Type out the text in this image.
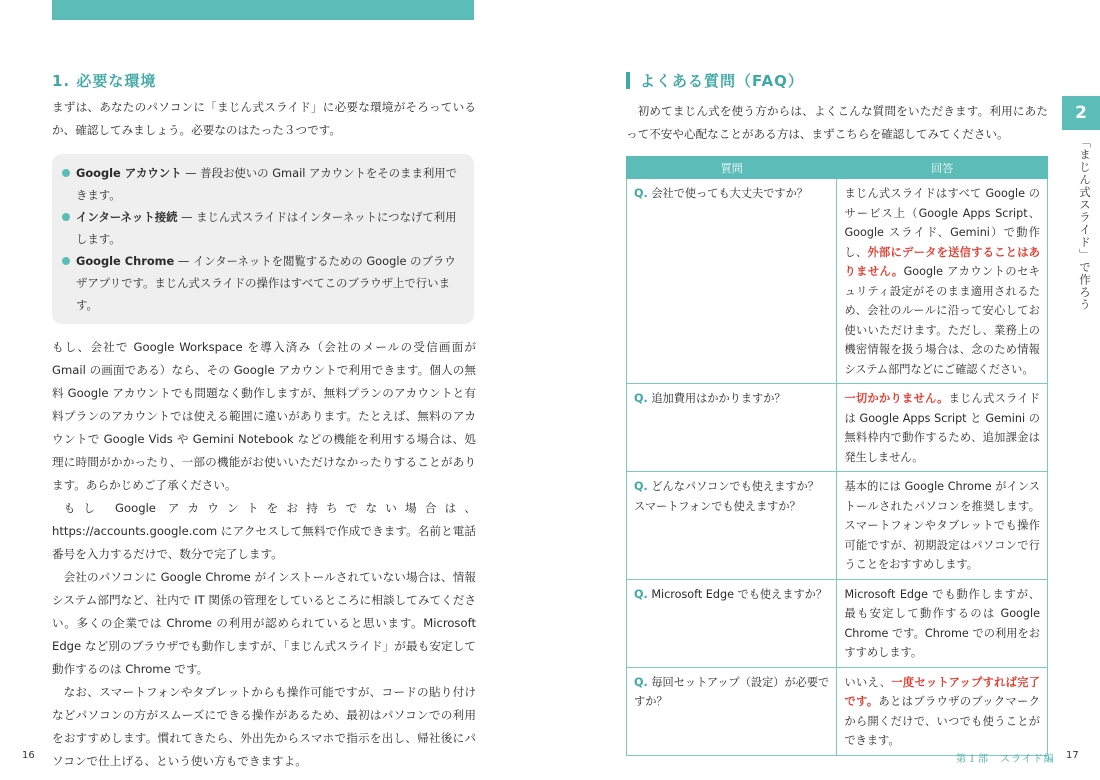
1. 必要な環境

まずは、あなたのパソコンに「まじん式スライド」に必要な環境がそろっているか、確認してみましょう。必要なのはたった３つです。

Google アカウント — 普段お使いの Gmail アカウントをそのまま利用できます。
インターネット接続 — まじん式スライドはインターネットにつなげて利用します。
Google Chrome — インターネットを閲覧するための Google のブラウザアプリです。まじん式スライドの操作はすべてこのブラウザ上で行います。

もし、会社で Google Workspace を導入済み（会社のメールの受信画面が Gmail の画面である）なら、その Google アカウントで利用できます。個人の無料 Google アカウントでも問題なく動作しますが、無料プランのアカウントと有料プランのアカウントでは使える範囲に違いがあります。たとえば、無料のアカウントで Google Vids や Gemini Notebook などの機能を利用する場合は、処理に時間がかかったり、一部の機能がお使いいただけなかったりすることがあります。あらかじめご了承ください。

もし Google アカウントをお持ちでない場合は、https://accounts.google.com にアクセスして無料で作成できます。名前と電話番号を入力するだけで、数分で完了します。

会社のパソコンに Google Chrome がインストールされていない場合は、情報システム部門など、社内で IT 関係の管理をしているところに相談してみてください。多くの企業では Chrome の利用が認められていると思います。Microsoft Edge など別のブラウザでも動作しますが、「まじん式スライド」が最も安定して動作するのは Chrome です。

なお、スマートフォンやタブレットからも操作可能ですが、コードの貼り付けなどパソコンの方がスムーズにできる操作があるため、最初はパソコンでの利用をおすすめします。慣れてきたら、外出先からスマホで指示を出し、帰社後にパソコンで仕上げる、という使い方もできますよ。

16
よくある質問（FAQ）

初めてまじん式を使う方からは、よくこんな質問をいただきます。利用にあたって不安や心配なことがある方は、まずこちらを確認してみてください。

質問	回答
Q. 会社で使っても大丈夫ですか？	まじん式スライドはすべて Google のサービス上（Google Apps Script、Google スライド、Gemini）で動作し、外部にデータを送信することはありません。Google アカウントのセキュリティ設定がそのまま適用されるため、会社のルールに沿って安心してお使いいただけます。ただし、業務上の機密情報を扱う場合は、念のため情報システム部門などにご確認ください。
Q. 追加費用はかかりますか？	一切かかりません。まじん式スライドは Google Apps Script と Gemini の無料枠内で動作するため、追加課金は発生しません。
Q. どんなパソコンでも使えますか？スマートフォンでも使えますか？	基本的には Google Chrome がインストールされたパソコンを推奨します。スマートフォンやタブレットでも操作可能ですが、初期設定はパソコンで行うことをおすすめします。
Q. Microsoft Edge でも使えますか？	Microsoft Edge でも動作しますが、最も安定して動作するのは Google Chrome です。Chrome での利用をおすすめします。
Q. 毎回セットアップ（設定）が必要ですか？	いいえ、一度セットアップすれば完了です。あとはブラウザのブックマークから開くだけで、いつでも使うことができます。
2
「まじん式スライド」で作ろう
第１部　スライド編 17
